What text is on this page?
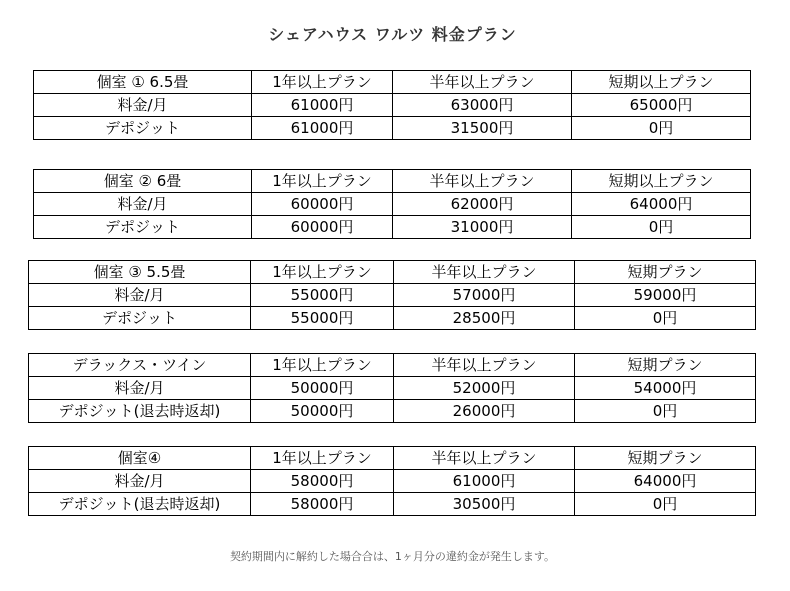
シェアハウス ワルツ 料金プラン
個室 ① 6.5畳	1年以上プラン	半年以上プラン	短期以上プラン
料金/月	61000円	63000円	65000円
デポジット	61000円	31500円	0円
個室 ② 6畳	1年以上プラン	半年以上プラン	短期以上プラン
料金/月	60000円	62000円	64000円
デポジット	60000円	31000円	0円
個室 ③ 5.5畳	1年以上プラン	半年以上プラン	短期プラン
料金/月	55000円	57000円	59000円
デポジット	55000円	28500円	0円
デラックス・ツイン	1年以上プラン	半年以上プラン	短期プラン
料金/月	50000円	52000円	54000円
デポジット(退去時返却)	50000円	26000円	0円
個室④	1年以上プラン	半年以上プラン	短期プラン
料金/月	58000円	61000円	64000円
デポジット(退去時返却)	58000円	30500円	0円
契約期間内に解約した場合合は、1ヶ月分の違約金が発生します。
